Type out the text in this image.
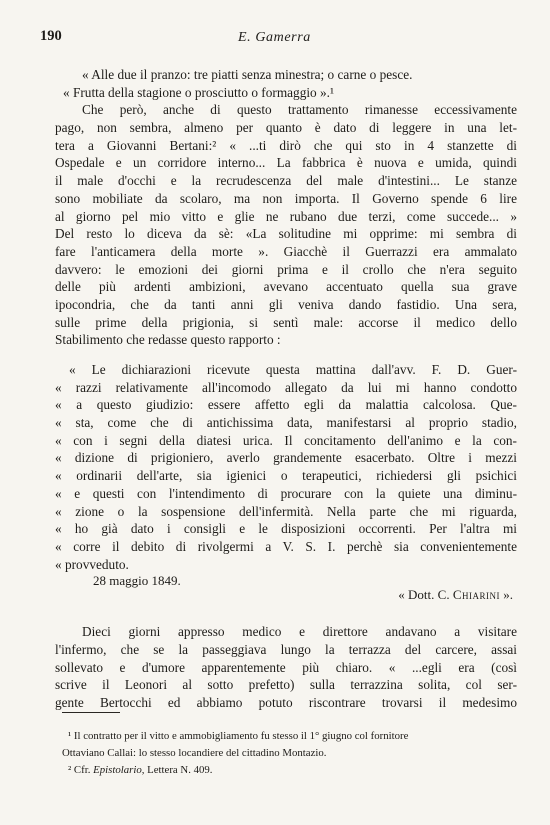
190	E. Gamerra
« Alle due il pranzo: tre piatti senza minestra; o carne o pesce.
« Frutta della stagione o prosciutto o formaggio ».¹
Che però, anche di questo trattamento rimanesse eccessivamente
pago, non sembra, almeno per quanto è dato di leggere in una let-
tera a Giovanni Bertani:² « ...ti dirò che qui sto in 4 stanzette di
Ospedale e un corridore interno... La fabbrica è nuova e umida, quindi
il male d'occhi e la recrudescenza del male d'intestini... Le stanze
sono mobiliate da scolaro, ma non importa. Il Governo spende 6 lire
al giorno pel mio vitto e glie ne rubano due terzi, come succede... »
Del resto lo diceva da sè: «La solitudine mi opprime: mi sembra di
fare l'anticamera della morte ». Giacchè il Guerrazzi era ammalato
davvero: le emozioni dei giorni prima e il crollo che n'era seguito
delle più ardenti ambizioni, avevano accentuato quella sua grave
ipocondria, che da tanti anni gli veniva dando fastidio. Una sera,
sulle prime della prigionia, si sentì male: accorse il medico dello
Stabilimento che redasse questo rapporto :
« Le dichiarazioni ricevute questa mattina dall'avv. F. D. Guer-
« razzi relativamente all'incomodo allegato da lui mi hanno condotto
« a questo giudizio: essere affetto egli da malattia calcolosa. Que-
« sta, come che di antichissima data, manifestarsi al proprio stadio,
« con i segni della diatesi urica. Il concitamento dell'animo e la con-
« dizione di prigioniero, averlo grandemente esacerbato. Oltre i mezzi
« ordinarii dell'arte, sia igienici o terapeutici, richiedersi gli psichici
« e questi con l'intendimento di procurare con la quiete una diminu-
« zione o la sospensione dell'infermità. Nella parte che mi riguarda,
« ho già dato i consigli e le disposizioni occorrenti. Per l'altra mi
« corre il debito di rivolgermi a V. S. I. perchè sia convenientemente
« provveduto.
28 maggio 1849.
« Dott. C. Chiarini ».
Dieci giorni appresso medico e direttore andavano a visitare
l'infermo, che se la passeggiava lungo la terrazza del carcere, assai
sollevato e d'umore apparentemente più chiaro. « ...egli era (così
scrive il Leonori al sotto prefetto) sulla terrazzina solita, col ser-
gente Bertocchi ed abbiamo potuto riscontrare trovarsi il medesimo
¹ Il contratto per il vitto e ammobigliamento fu stesso il 1° giugno col fornitore
Ottaviano Callai: lo stesso locandiere del cittadino Montazio.
² Cfr. Epistolario, Lettera N. 409.
